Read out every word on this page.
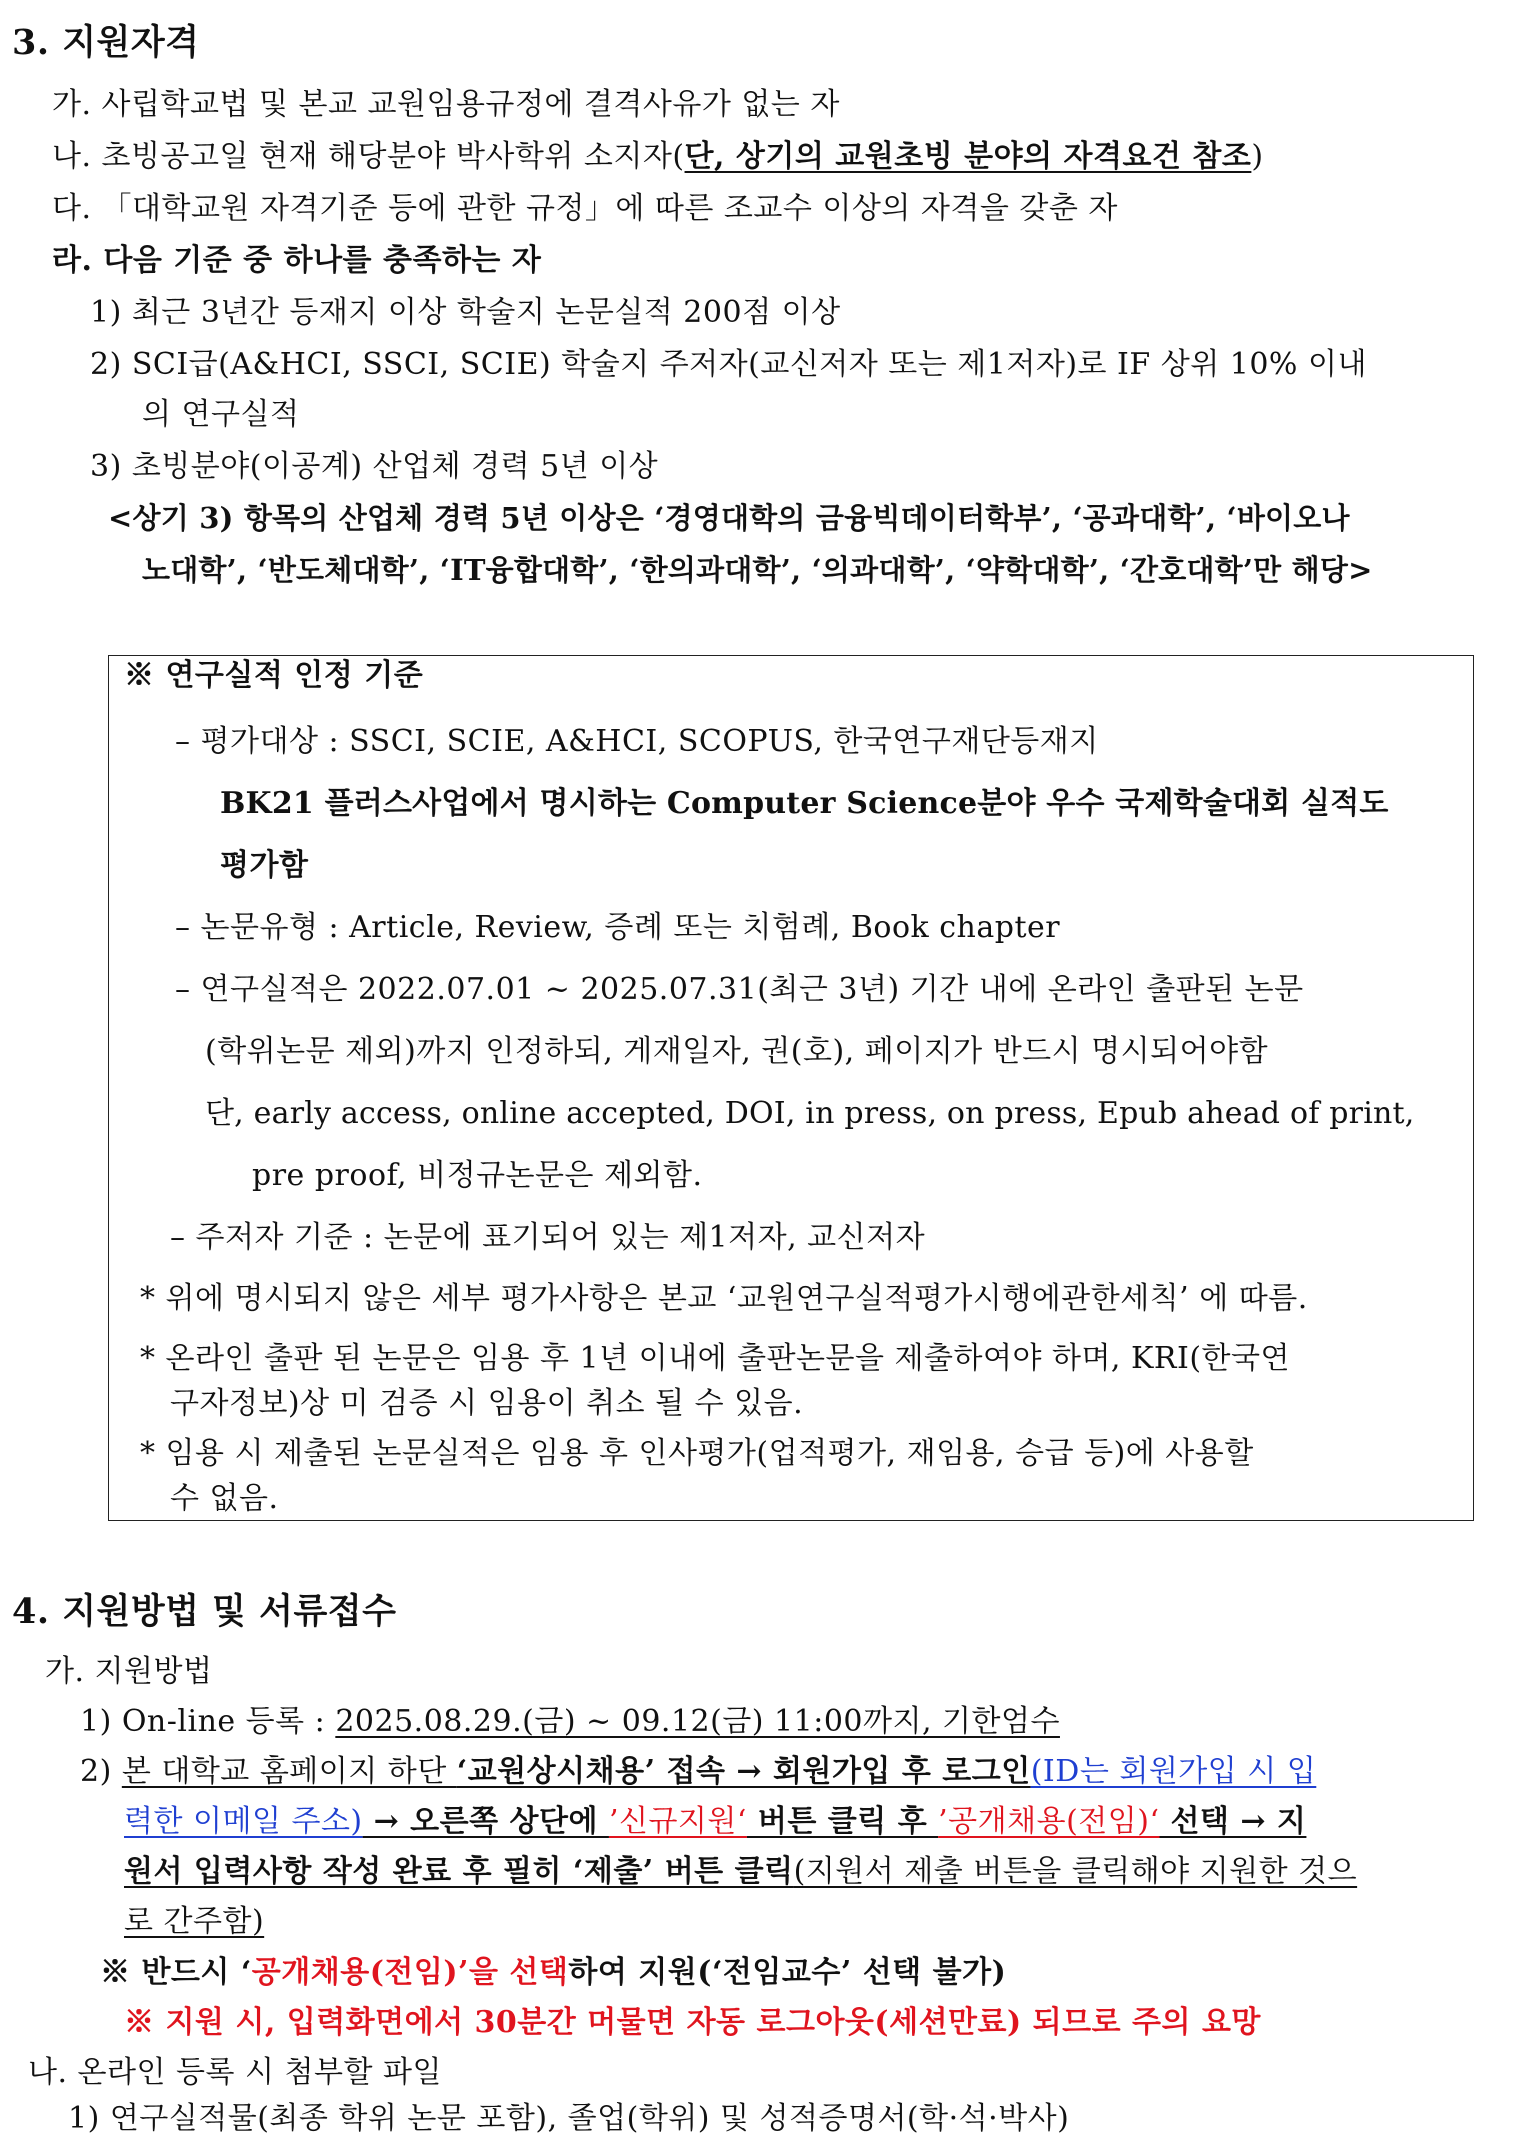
3. 지원자격
가. 사립학교법 및 본교 교원임용규정에 결격사유가 없는 자
나. 초빙공고일 현재 해당분야 박사학위 소지자(단, 상기의 교원초빙 분야의 자격요건 참조)
다. 「대학교원 자격기준 등에 관한 규정」에 따른 조교수 이상의 자격을 갖춘 자
라. 다음 기준 중 하나를 충족하는 자
1) 최근 3년간 등재지 이상 학술지 논문실적 200점 이상
2) SCI급(A&HCI, SSCI, SCIE) 학술지 주저자(교신저자 또는 제1저자)로 IF 상위 10% 이내
의 연구실적
3) 초빙분야(이공계) 산업체 경력 5년 이상
<상기 3) 항목의 산업체 경력 5년 이상은 ‘경영대학의 금융빅데이터학부’, ‘공과대학’, ‘바이오나
노대학’, ‘반도체대학’, ‘IT융합대학’, ‘한의과대학’, ‘의과대학’, ‘약학대학’, ‘간호대학’만 해당>
※ 연구실적 인정 기준
– 평가대상 : SSCI, SCIE, A&HCI, SCOPUS, 한국연구재단등재지
BK21 플러스사업에서 명시하는 Computer Science분야 우수 국제학술대회 실적도
평가함
– 논문유형 : Article, Review, 증례 또는 치험례, Book chapter
– 연구실적은 2022.07.01 ~ 2025.07.31(최근 3년) 기간 내에 온라인 출판된 논문
(학위논문 제외)까지 인정하되, 게재일자, 권(호), 페이지가 반드시 명시되어야함
단, early access, online accepted, DOI, in press, on press, Epub ahead of print,
pre proof, 비정규논문은 제외함.
– 주저자 기준 : 논문에 표기되어 있는 제1저자, 교신저자
* 위에 명시되지 않은 세부 평가사항은 본교 ‘교원연구실적평가시행에관한세칙’ 에 따름.
* 온라인 출판 된 논문은 임용 후 1년 이내에 출판논문을 제출하여야 하며, KRI(한국연
구자정보)상 미 검증 시 임용이 취소 될 수 있음.
* 임용 시 제출된 논문실적은 임용 후 인사평가(업적평가, 재임용, 승급 등)에 사용할
수 없음.
4. 지원방법 및 서류접수
가. 지원방법
1) On-line 등록 : 2025.08.29.(금) ~ 09.12(금) 11:00까지, 기한엄수
2) 본 대학교 홈페이지 하단 ‘교원상시채용’ 접속 → 회원가입 후 로그인(ID는 회원가입 시 입
력한 이메일 주소) → 오른쪽 상단에 ’신규지원‘ 버튼 클릭 후 ’공개채용(전임)‘ 선택 → 지
원서 입력사항 작성 완료 후 필히 ‘제출’ 버튼 클릭(지원서 제출 버튼을 클릭해야 지원한 것으
로 간주함)
※ 반드시 ‘공개채용(전임)’을 선택하여 지원(‘전임교수’ 선택 불가)
※ 지원 시, 입력화면에서 30분간 머물면 자동 로그아웃(세션만료) 되므로 주의 요망
나. 온라인 등록 시 첨부할 파일
1) 연구실적물(최종 학위 논문 포함), 졸업(학위) 및 성적증명서(학·석·박사)
